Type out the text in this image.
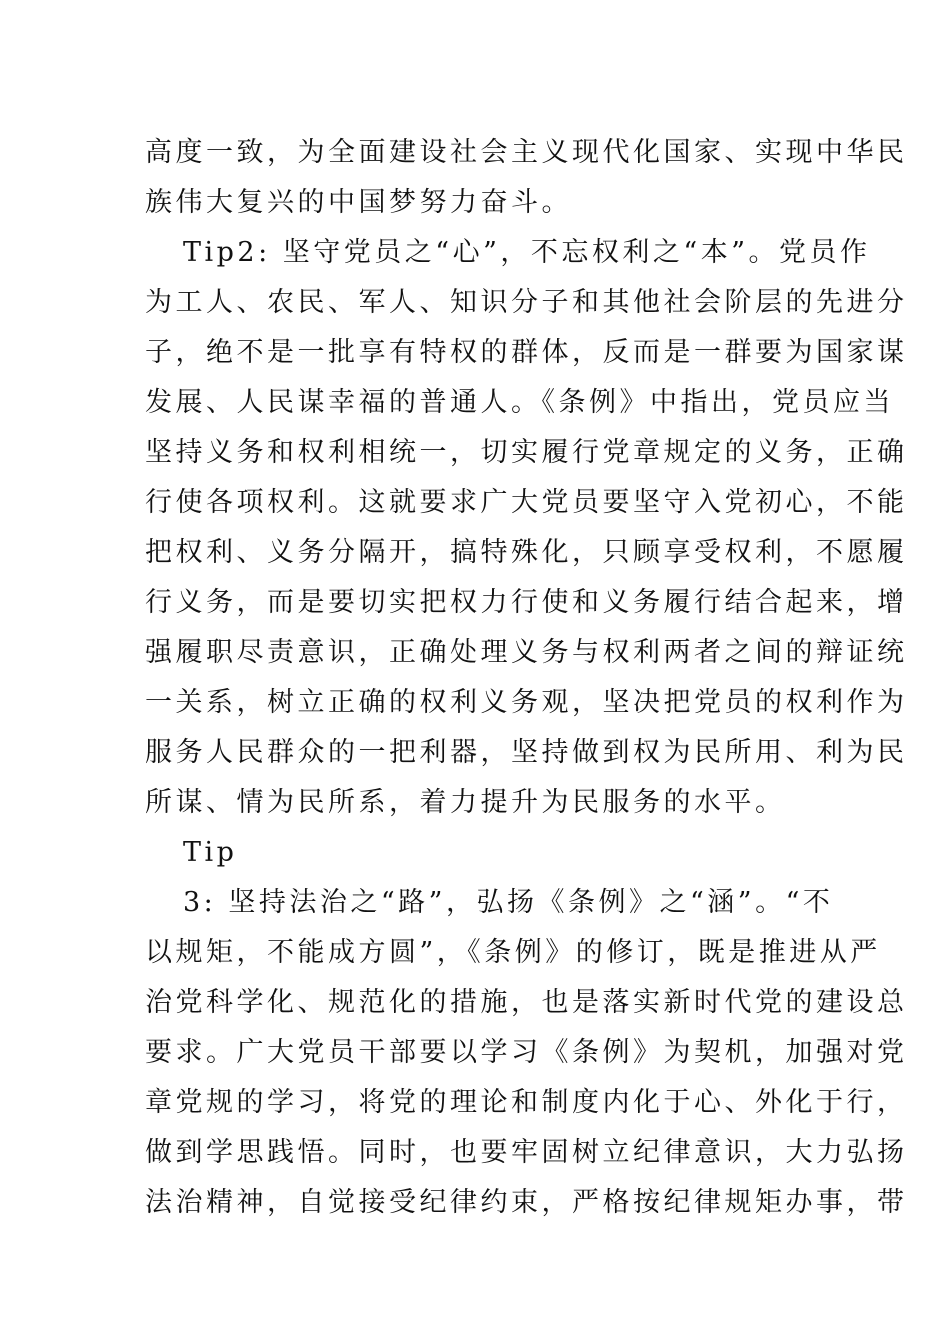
高度一致，为全面建设社会主义现代化国家、实现中华民
族伟大复兴的中国梦努力奋斗。
Tip2: 坚守党员之“心”，不忘权利之“本”。党员作
为工人、农民、军人、知识分子和其他社会阶层的先进分
子，绝不是一批享有特权的群体，反而是一群要为国家谋
发展、人民谋幸福的普通人。《条例》中指出，党员应当
坚持义务和权利相统一，切实履行党章规定的义务，正确
行使各项权利。这就要求广大党员要坚守入党初心，不能
把权利、义务分隔开，搞特殊化，只顾享受权利，不愿履
行义务，而是要切实把权力行使和义务履行结合起来，增
强履职尽责意识，正确处理义务与权利两者之间的辩证统
一关系，树立正确的权利义务观，坚决把党员的权利作为
服务人民群众的一把利器，坚持做到权为民所用、利为民
所谋、情为民所系，着力提升为民服务的水平。
Tip
3: 坚持法治之“路”，弘扬《条例》之“涵”。“不
以规矩，不能成方圆”，《条例》的修订，既是推进从严
治党科学化、规范化的措施，也是落实新时代党的建设总
要求。广大党员干部要以学习《条例》为契机，加强对党
章党规的学习，将党的理论和制度内化于心、外化于行，
做到学思践悟。同时，也要牢固树立纪律意识，大力弘扬
法治精神，自觉接受纪律约束，严格按纪律规矩办事，带
